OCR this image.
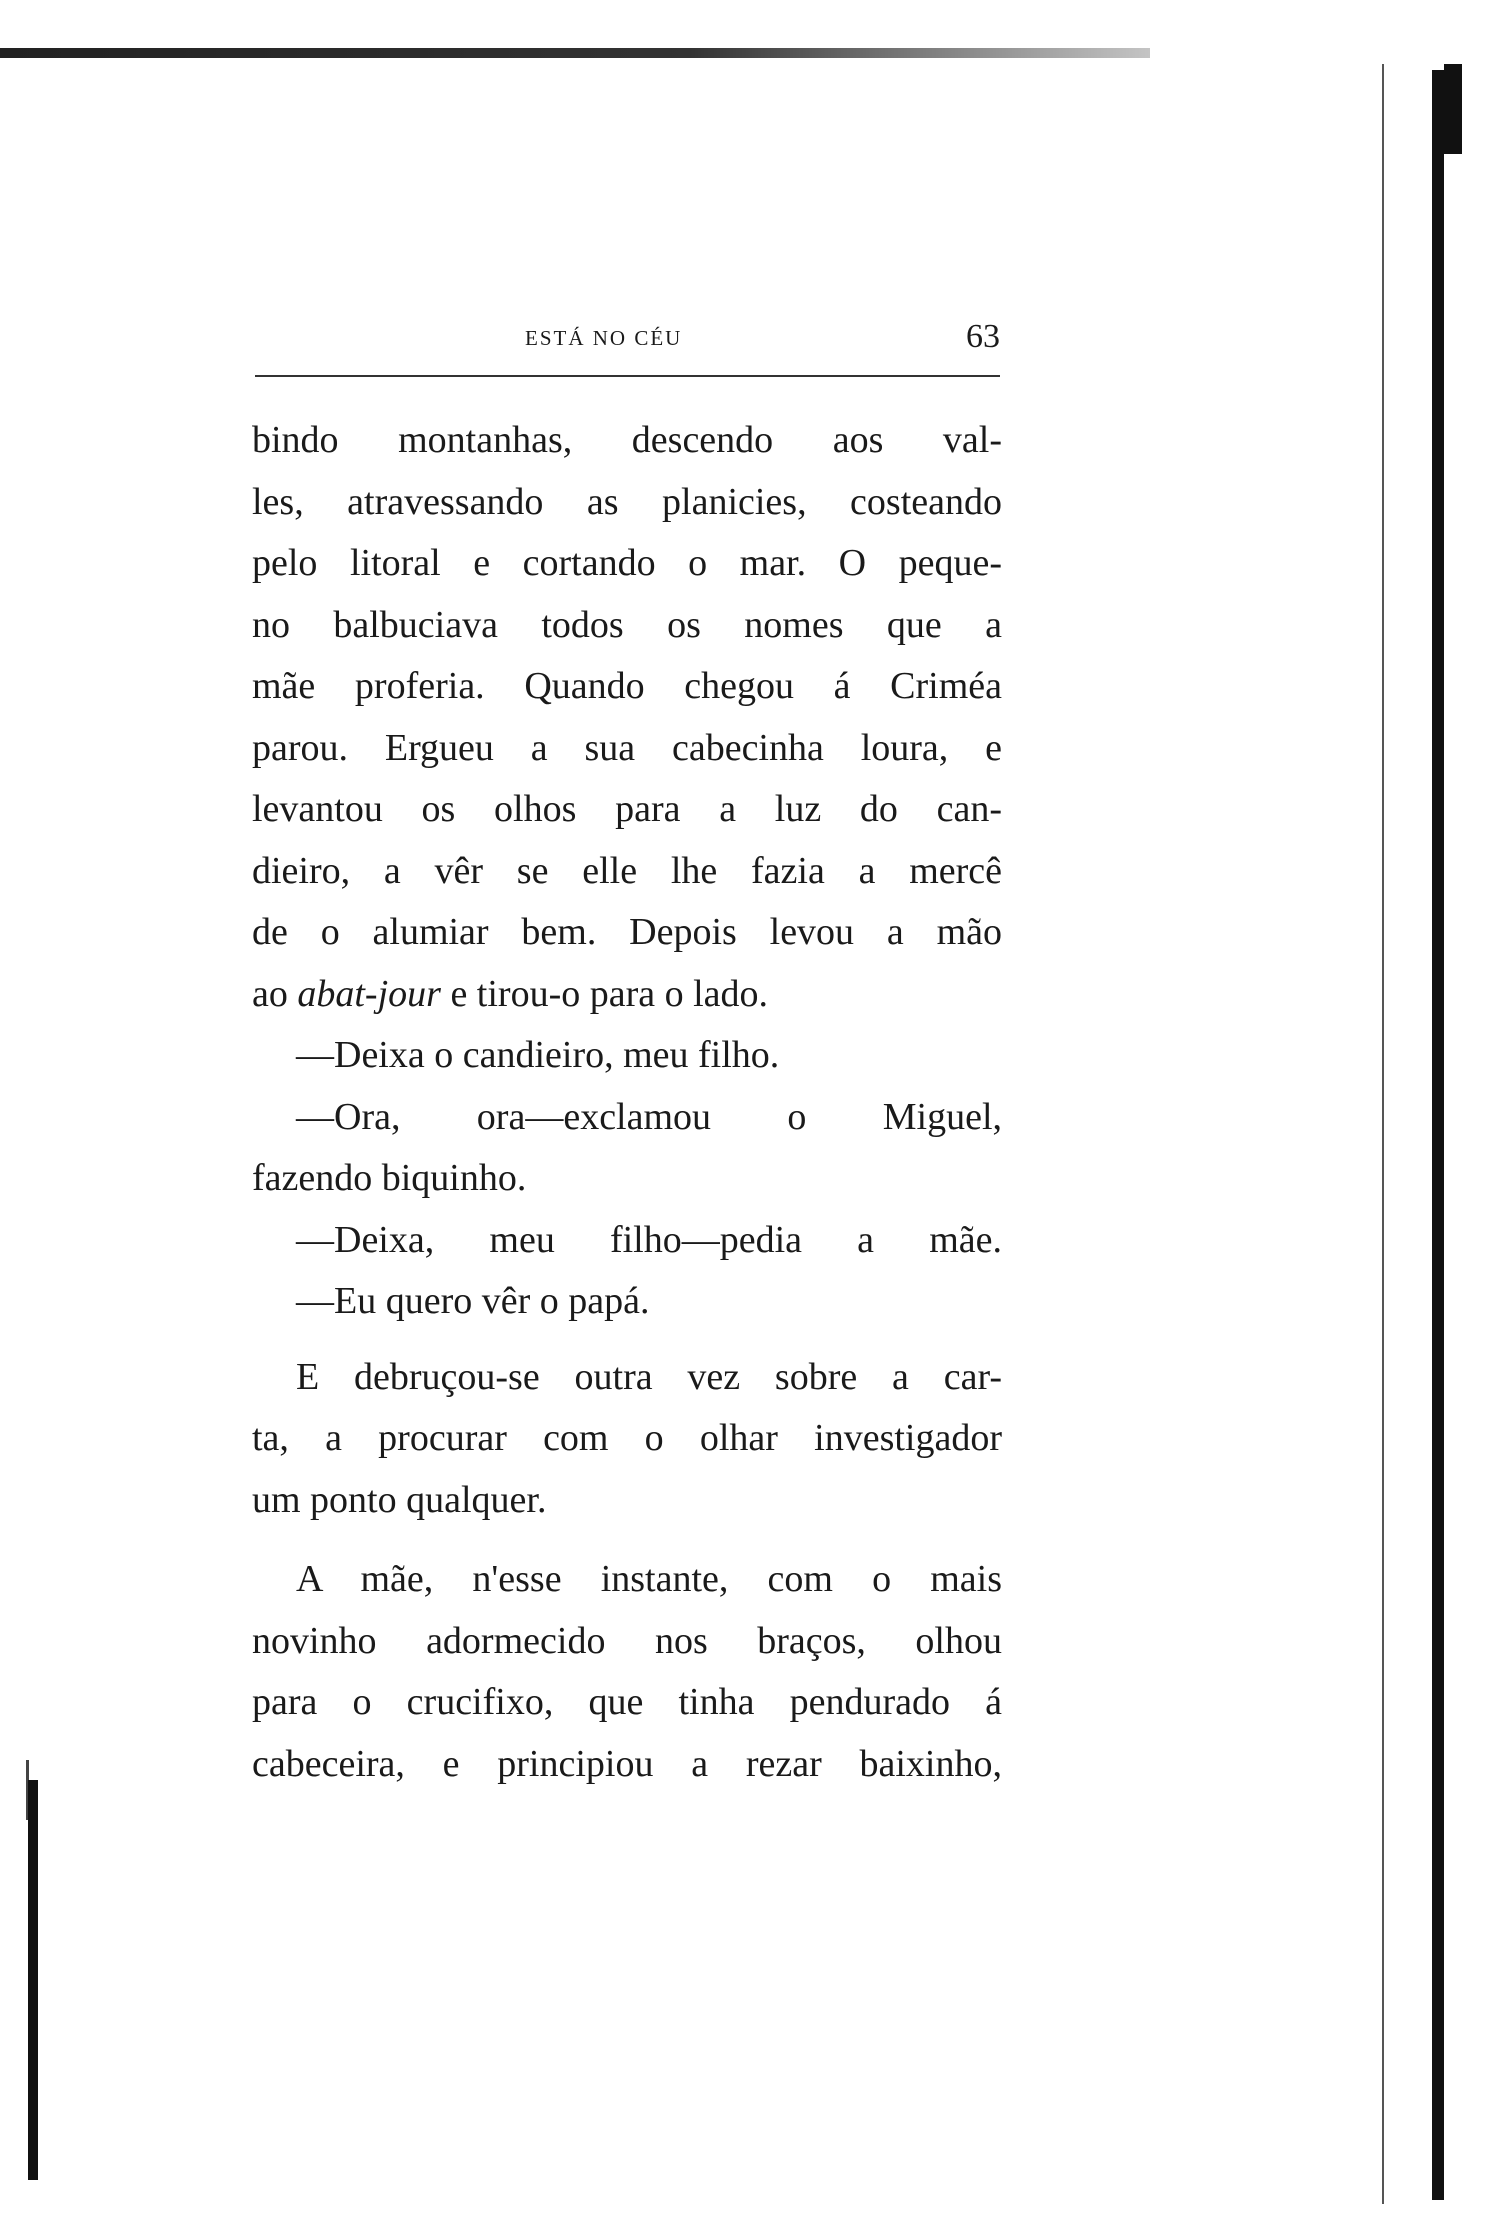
ESTÁ NO CÉU	63
bindo montanhas, descendo aos val-
les, atravessando as planicies, costeando
pelo litoral e cortando o mar. O peque-
no balbuciava todos os nomes que a
mãe proferia. Quando chegou á Criméa
parou. Ergueu a sua cabecinha loura, e
levantou os olhos para a luz do can-
dieiro, a vêr se elle lhe fazia a mercê
de o alumiar bem. Depois levou a mão
ao abat-jour e tirou-o para o lado.
—Deixa o candieiro, meu filho.
—Ora, ora—exclamou o Miguel,
fazendo biquinho.
—Deixa, meu filho—pedia a mãe.
—Eu quero vêr o papá.
E debruçou-se outra vez sobre a car-
ta, a procurar com o olhar investigador
um ponto qualquer.
A mãe, n'esse instante, com o mais
novinho adormecido nos braços, olhou
para o crucifixo, que tinha pendurado á
cabeceira, e principiou a rezar baixinho,
